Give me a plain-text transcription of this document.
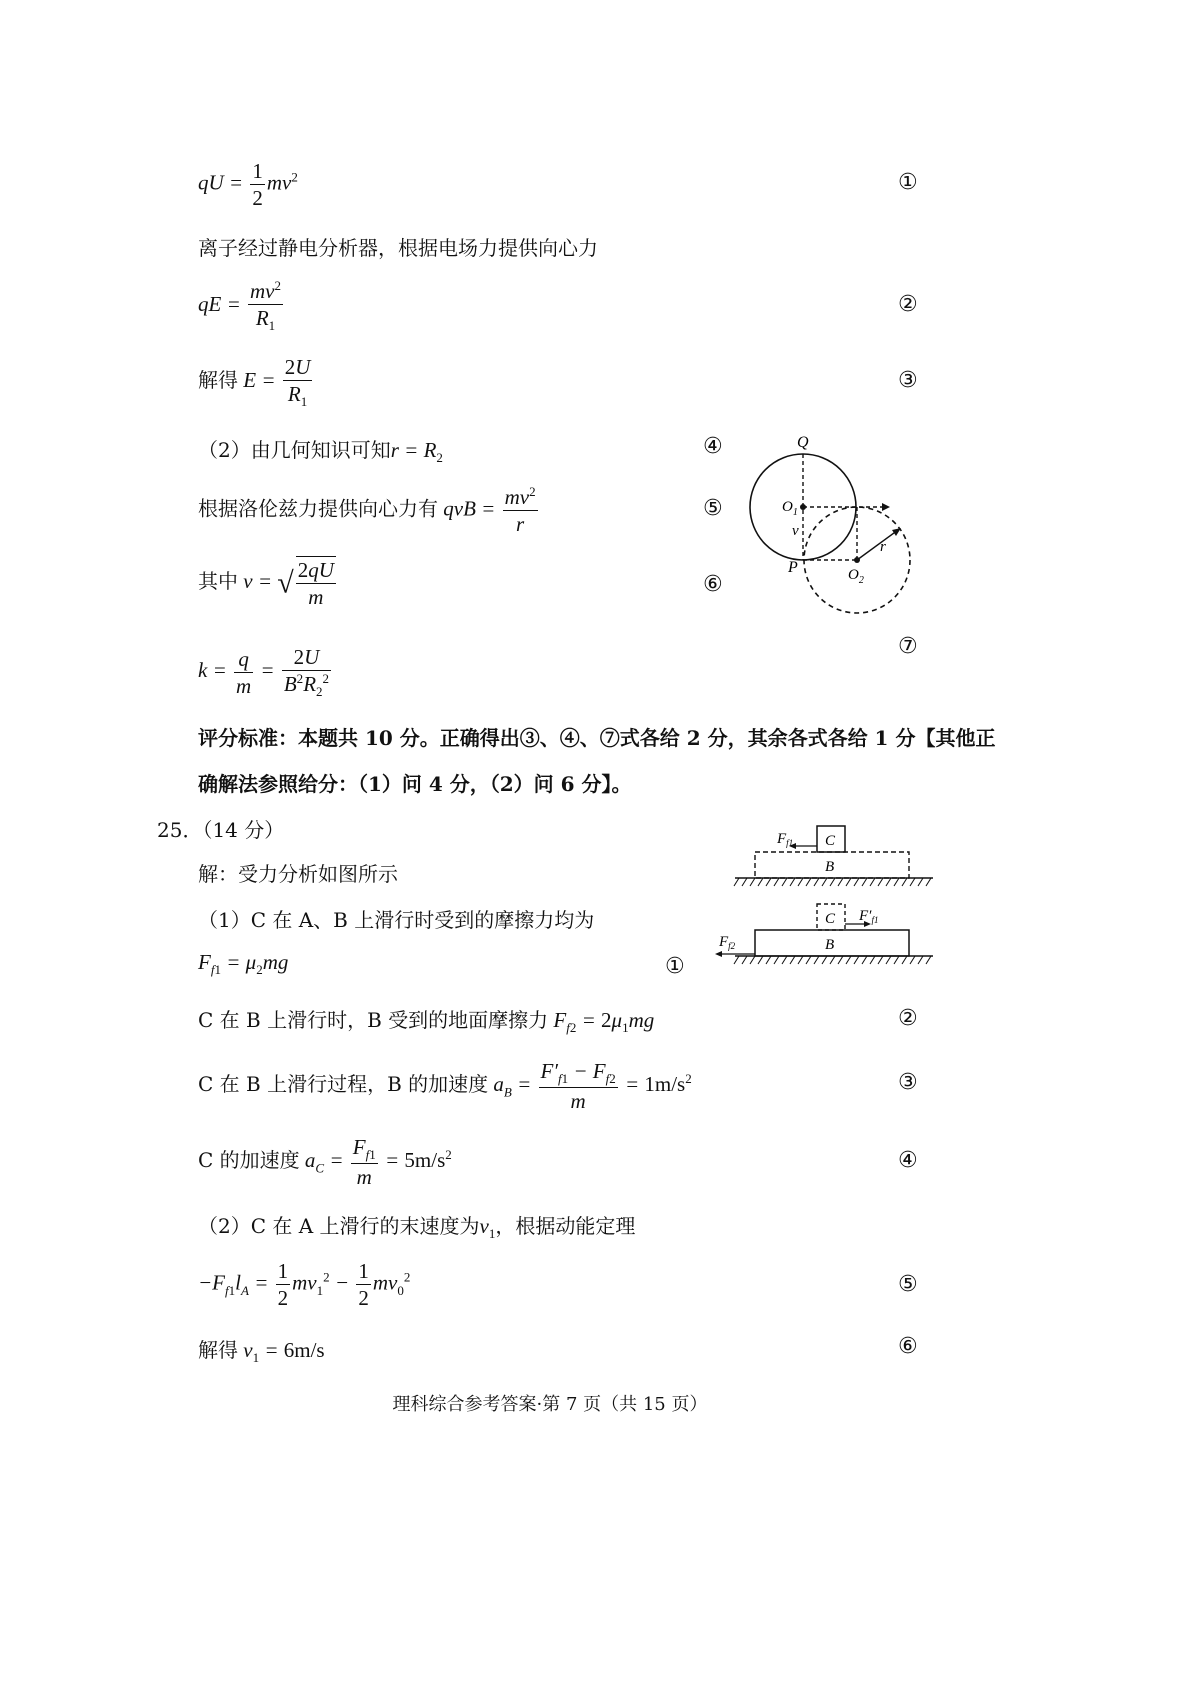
qU = $\frac{1}{2} mv^2$	①
离子经过静电分析器，根据电场力提供向心力
qE = $\frac{mv^2}{R_1}$	②
解得 $E = \frac{2U}{R_1}$	③
（2）由几何知识可知$r = R_2$	④
根据洛伦兹力提供向心力有 qvB = $\frac{mv^2}{r}$	⑤
其中 v = √ $\frac{2qU}{m}$	⑥
$k = \frac{q}{m} = \frac{2U}{B^2R_2^2}$	⑦
Q
$O_1$
v
P	$O_2$
r
评分标准：本题共 10 分。正确得出③、④、⑦式各给 2 分，其余各式各给 1 分【其他正
确解法参照给分：（1）问 4 分，（2）问 6 分】。
25．（14 分）
解：受力分析如图所示
（1）C 在 A、B 上滑行时受到的摩擦力均为
$F_{f1} = \mu_2mg$	①
C 在 B 上滑行时，B 受到的地面摩擦力 $F_{f2} = 2\mu_1mg$	②
C 在 B 上滑行过程，B 的加速度 $a_B = \frac{F'_{f1} - F_{f2}}{m} = 1m/s^2$	③
C 的加速度 $a_C = \frac{F_{f1}}{m} = 5m/s^2$	④
（2）C 在 A 上滑行的末速度为$v_1$，根据动能定理
$-F_{f1}l_A = \frac{1}{2} mv_1^2 - \frac{1}{2} mv_0^2$	⑤
解得 $v_1 = 6m/s$	⑥
C
B
$F_{f1}$
C
B
$F'_{f1}$
$F_{f2}$
理科综合参考答案·第 7 页（共 15 页）
